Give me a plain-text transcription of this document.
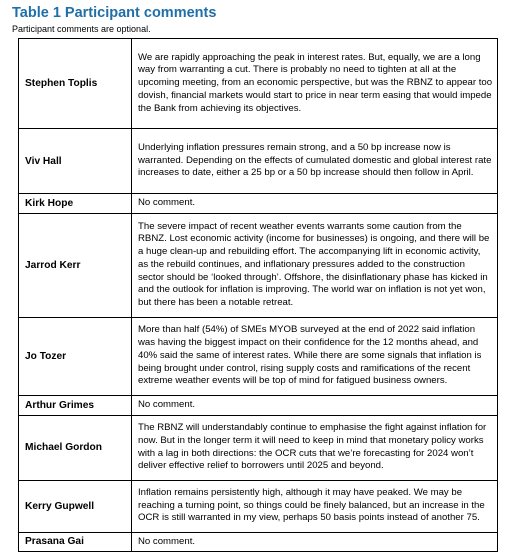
Table 1 Participant comments
Participant comments are optional.
Stephen Toplis	We are rapidly approaching the peak in interest rates. But, equally, we are a long way from warranting a cut. There is probably no need to tighten at all at the upcoming meeting, from an economic perspective, but was the RBNZ to appear too dovish, financial markets would start to price in near term easing that would impede the Bank from achieving its objectives.
Viv Hall	Underlying inflation pressures remain strong, and a 50 bp increase now is warranted. Depending on the effects of cumulated domestic and global interest rate increases to date, either a 25 bp or a 50 bp increase should then follow in April.
Kirk Hope	No comment.
Jarrod Kerr	The severe impact of recent weather events warrants some caution from the RBNZ. Lost economic activity (income for businesses) is ongoing, and there will be a huge clean-up and rebuilding effort. The accompanying lift in economic activity, as the rebuild continues, and inflationary pressures added to the construction sector should be ‘looked through’. Offshore, the disinflationary phase has kicked in and the outlook for inflation is improving. The world war on inflation is not yet won, but there has been a notable retreat.
Jo Tozer	More than half (54%) of SMEs MYOB surveyed at the end of 2022 said inflation was having the biggest impact on their confidence for the 12 months ahead, and 40% said the same of interest rates. While there are some signals that inflation is being brought under control, rising supply costs and ramifications of the recent extreme weather events will be top of mind for fatigued business owners.
Arthur Grimes	No comment.
Michael Gordon	The RBNZ will understandably continue to emphasise the fight against inflation for now. But in the longer term it will need to keep in mind that monetary policy works with a lag in both directions: the OCR cuts that we’re forecasting for 2024 won’t deliver effective relief to borrowers until 2025 and beyond.
Kerry Gupwell	Inflation remains persistently high, although it may have peaked. We may be reaching a turning point, so things could be finely balanced, but an increase in the OCR is still warranted in my view, perhaps 50 basis points instead of another 75.
Prasana Gai	No comment.
